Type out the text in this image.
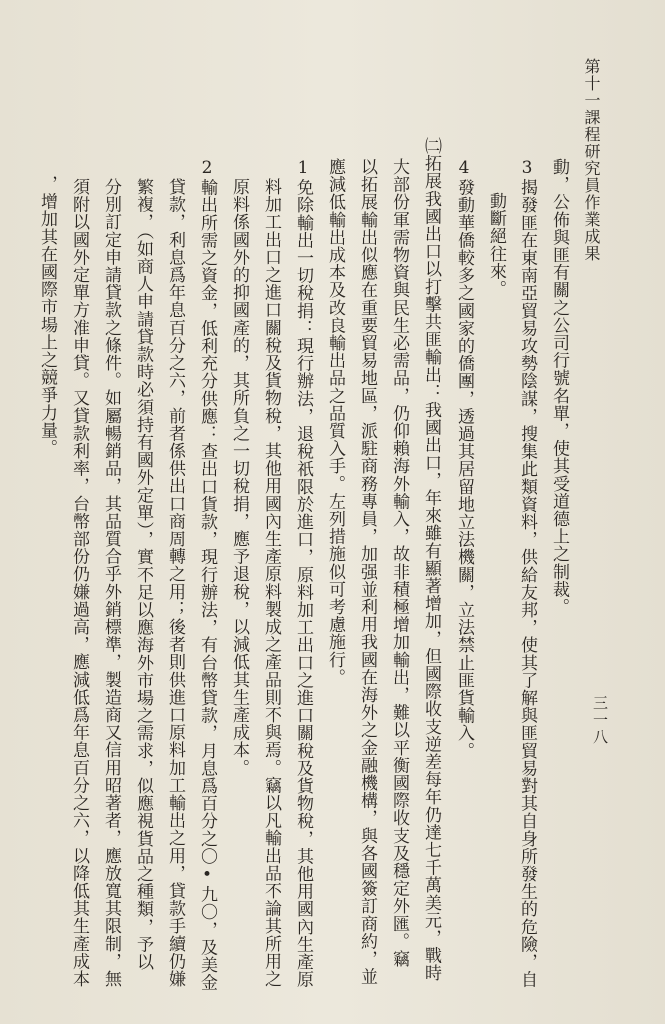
第十一課程研究員作業成果
三一八
動，公佈與匪有關之公司行號名單，使其受道德上之制裁。
3揭發匪在東南亞貿易攻勢陰謀，搜集此類資料，供給友邦，使其了解與匪貿易對其自身所發生的危險，自
動斷絕往來。
4發動華僑較多之國家的僑團，透過其居留地立法機關，立法禁止匪貨輸入。
㈡拓展我國出口以打擊共匪輸出：我國出口，年來雖有顯著增加，但國際收支逆差每年仍達七千萬美元，戰時
大部份軍需物資與民生必需品，仍仰賴海外輸入，故非積極增加輸出，難以平衡國際收支及穩定外匯。竊
以拓展輸出似應在重要貿易地區，派駐商務專員，加强並利用我國在海外之金融機構，與各國簽訂商約，並
應減低輸出成本及改良輸出品之品質入手。左列措施似可考慮施行。
1免除輸出一切稅捐：現行辦法，退稅祇限於進口，原料加工出口之進口關稅及貨物稅，其他用國內生產原
料加工出口之進口關稅及貨物稅，其他用國內生產原料製成之產品則不與焉。竊以凡輸出品不論其所用之
原料係國外的抑國產的，其所負之一切稅捐，應予退稅，以減低其生產成本。
2輸出所需之資金，低利充分供應：查出口貨款，現行辦法，有台幣貸款，月息爲百分之〇•九〇，及美金
貸款，利息爲年息百分之六，前者係供出口商周轉之用；後者則供進口原料加工輸出之用，貸款手續仍嫌
繁複，（如商人申請貸款時必須持有國外定單），實不足以應海外市場之需求，似應視貨品之種類，予以
分別訂定申請貸款之條件。如屬暢銷品，其品質合乎外銷標準，製造商又信用昭著者，應放寬其限制，無
須附以國外定單方准申貸。又貸款利率，台幣部份仍嫌過高，應減低爲年息百分之六，以降低其生產成本
，增加其在國際市場上之競爭力量。
